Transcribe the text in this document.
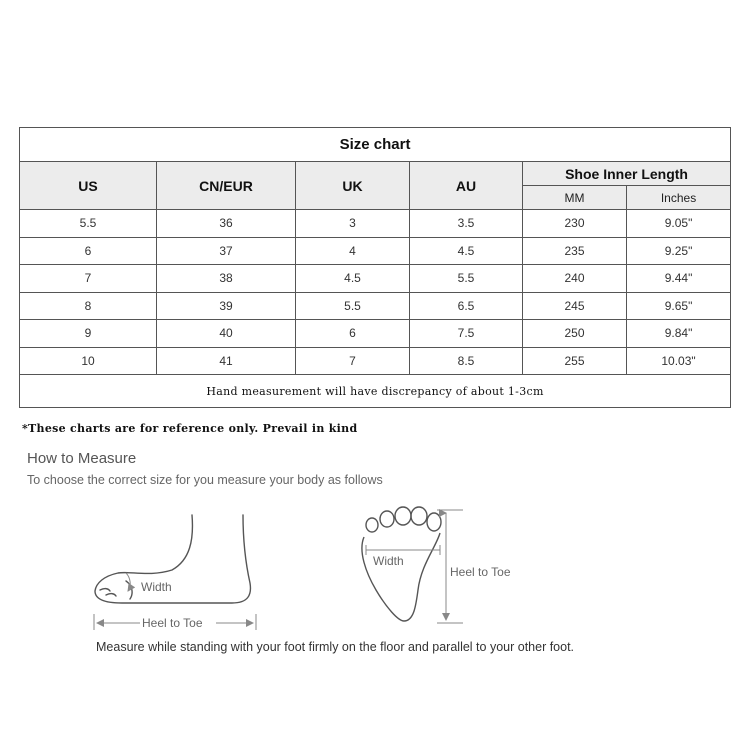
Size chart					
US	CN/EUR	UK	AU	Shoe Inner Length	
				MM	Inches
5.5	36	3	3.5	230	9.05"
6	37	4	4.5	235	9.25"
7	38	4.5	5.5	240	9.44"
8	39	5.5	6.5	245	9.65"
9	40	6	7.5	250	9.84"
10	41	7	8.5	255	10.03"
Hand measurement will have discrepancy of about 1-3cm					
*These charts are for reference only. Prevail in kind
How to Measure
To choose the correct size for you measure your body as follows
Width
Heel to Toe
Width
Heel to Toe
Measure while standing with your foot firmly on the floor and parallel to your other foot.
